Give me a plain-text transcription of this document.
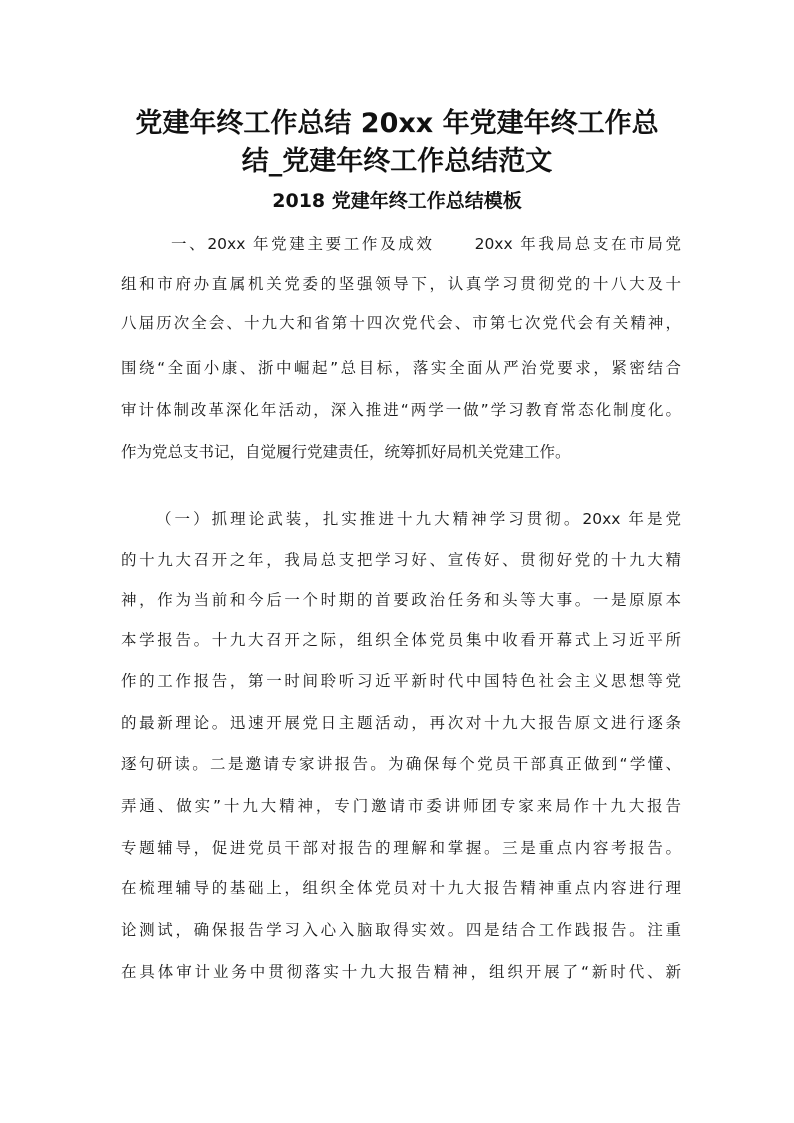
党建年终工作总结 20xx 年党建年终工作总
结_党建年终工作总结范文
2018 党建年终工作总结模板
一、20xx 年党建主要工作及成效	20xx 年我局总支在市局党
组和市府办直属机关党委的坚强领导下，认真学习贯彻党的十八大及十
八届历次全会、十九大和省第十四次党代会、市第七次党代会有关精神，
围绕“全面小康、浙中崛起”总目标，落实全面从严治党要求，紧密结合
审计体制改革深化年活动，深入推进“两学一做”学习教育常态化制度化。
作为党总支书记，自觉履行党建责任，统筹抓好局机关党建工作。
（一）抓理论武装，扎实推进十九大精神学习贯彻。20xx 年是党
的十九大召开之年，我局总支把学习好、宣传好、贯彻好党的十九大精
神，作为当前和今后一个时期的首要政治任务和头等大事。一是原原本
本学报告。十九大召开之际，组织全体党员集中收看开幕式上习近平所
作的工作报告，第一时间聆听习近平新时代中国特色社会主义思想等党
的最新理论。迅速开展党日主题活动，再次对十九大报告原文进行逐条
逐句研读。二是邀请专家讲报告。为确保每个党员干部真正做到“学懂、
弄通、做实”十九大精神，专门邀请市委讲师团专家来局作十九大报告
专题辅导，促进党员干部对报告的理解和掌握。三是重点内容考报告。
在梳理辅导的基础上，组织全体党员对十九大报告精神重点内容进行理
论测试，确保报告学习入心入脑取得实效。四是结合工作践报告。注重
在具体审计业务中贯彻落实十九大报告精神，组织开展了“新时代、新
